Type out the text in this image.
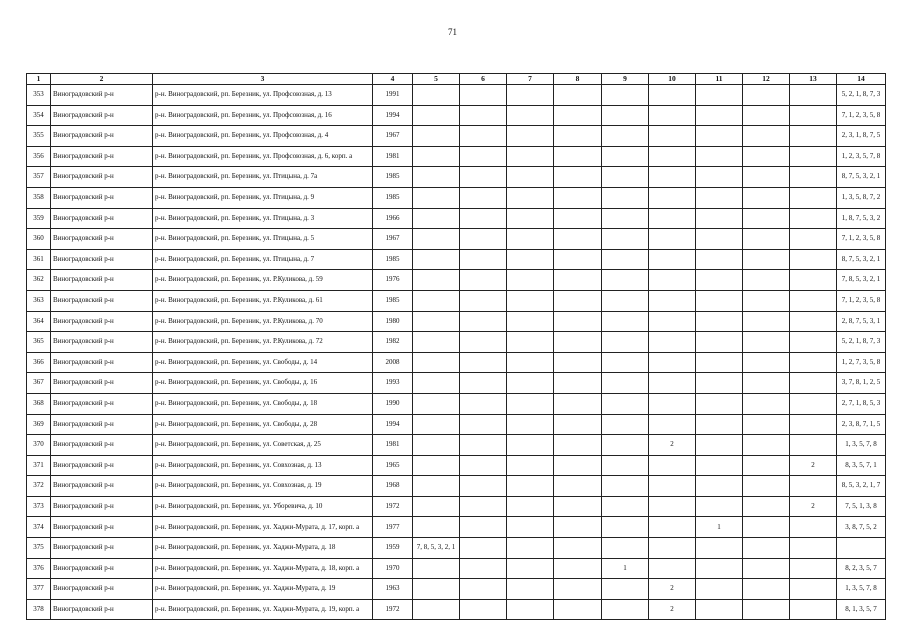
71
1	2	3	4	5	6	7	8	9	10	11	12	13	14
353	Виноградовский р-н	р-н. Виноградовский, рп. Березник, ул. Профсоюзная, д. 13	1991										5, 2, 1, 8, 7, 3
354	Виноградовский р-н	р-н. Виноградовский, рп. Березник, ул. Профсоюзная, д. 16	1994										7, 1, 2, 3, 5, 8
355	Виноградовский р-н	р-н. Виноградовский, рп. Березник, ул. Профсоюзная, д. 4	1967										2, 3, 1, 8, 7, 5
356	Виноградовский р-н	р-н. Виноградовский, рп. Березник, ул. Профсоюзная, д. 6, корп. а	1981										1, 2, 3, 5, 7, 8
357	Виноградовский р-н	р-н. Виноградовский, рп. Березник, ул. Птицына, д. 7а	1985										8, 7, 5, 3, 2, 1
358	Виноградовский р-н	р-н. Виноградовский, рп. Березник, ул. Птицына, д. 9	1985										1, 3, 5, 8, 7, 2
359	Виноградовский р-н	р-н. Виноградовский, рп. Березник, ул. Птицына, д. 3	1966										1, 8, 7, 5, 3, 2
360	Виноградовский р-н	р-н. Виноградовский, рп. Березник, ул. Птицына, д. 5	1967										7, 1, 2, 3, 5, 8
361	Виноградовский р-н	р-н. Виноградовский, рп. Березник, ул. Птицына, д. 7	1985										8, 7, 5, 3, 2, 1
362	Виноградовский р-н	р-н. Виноградовский, рп. Березник, ул. Р.Куликова, д. 59	1976										7, 8, 5, 3, 2, 1
363	Виноградовский р-н	р-н. Виноградовский, рп. Березник, ул. Р.Куликова, д. 61	1985										7, 1, 2, 3, 5, 8
364	Виноградовский р-н	р-н. Виноградовский, рп. Березник, ул. Р.Куликова, д. 70	1980										2, 8, 7, 5, 3, 1
365	Виноградовский р-н	р-н. Виноградовский, рп. Березник, ул. Р.Куликова, д. 72	1982										5, 2, 1, 8, 7, 3
366	Виноградовский р-н	р-н. Виноградовский, рп. Березник, ул. Свободы, д. 14	2008										1, 2, 7, 3, 5, 8
367	Виноградовский р-н	р-н. Виноградовский, рп. Березник, ул. Свободы, д. 16	1993										3, 7, 8, 1, 2, 5
368	Виноградовский р-н	р-н. Виноградовский, рп. Березник, ул. Свободы, д. 18	1990										2, 7, 1, 8, 5, 3
369	Виноградовский р-н	р-н. Виноградовский, рп. Березник, ул. Свободы, д. 28	1994										2, 3, 8, 7, 1, 5
370	Виноградовский р-н	р-н. Виноградовский, рп. Березник, ул. Советская, д. 25	1981						2				1, 3, 5, 7, 8
371	Виноградовский р-н	р-н. Виноградовский, рп. Березник, ул. Совхозная, д. 13	1965									2	8, 3, 5, 7, 1
372	Виноградовский р-н	р-н. Виноградовский, рп. Березник, ул. Совхозная, д. 19	1968										8, 5, 3, 2, 1, 7
373	Виноградовский р-н	р-н. Виноградовский, рп. Березник, ул. Уборевича, д. 10	1972									2	7, 5, 1, 3, 8
374	Виноградовский р-н	р-н. Виноградовский, рп. Березник, ул. Хаджи-Мурата, д. 17, корп. а	1977							1			3, 8, 7, 5, 2
375	Виноградовский р-н	р-н. Виноградовский, рп. Березник, ул. Хаджи-Мурата, д. 18	1959	7, 8, 5, 3, 2, 1									
376	Виноградовский р-н	р-н. Виноградовский, рп. Березник, ул. Хаджи-Мурата, д. 18, корп. а	1970					1					8, 2, 3, 5, 7
377	Виноградовский р-н	р-н. Виноградовский, рп. Березник, ул. Хаджи-Мурата, д. 19	1963						2				1, 3, 5, 7, 8
378	Виноградовский р-н	р-н. Виноградовский, рп. Березник, ул. Хаджи-Мурата, д. 19, корп. а	1972						2				8, 1, 3, 5, 7
